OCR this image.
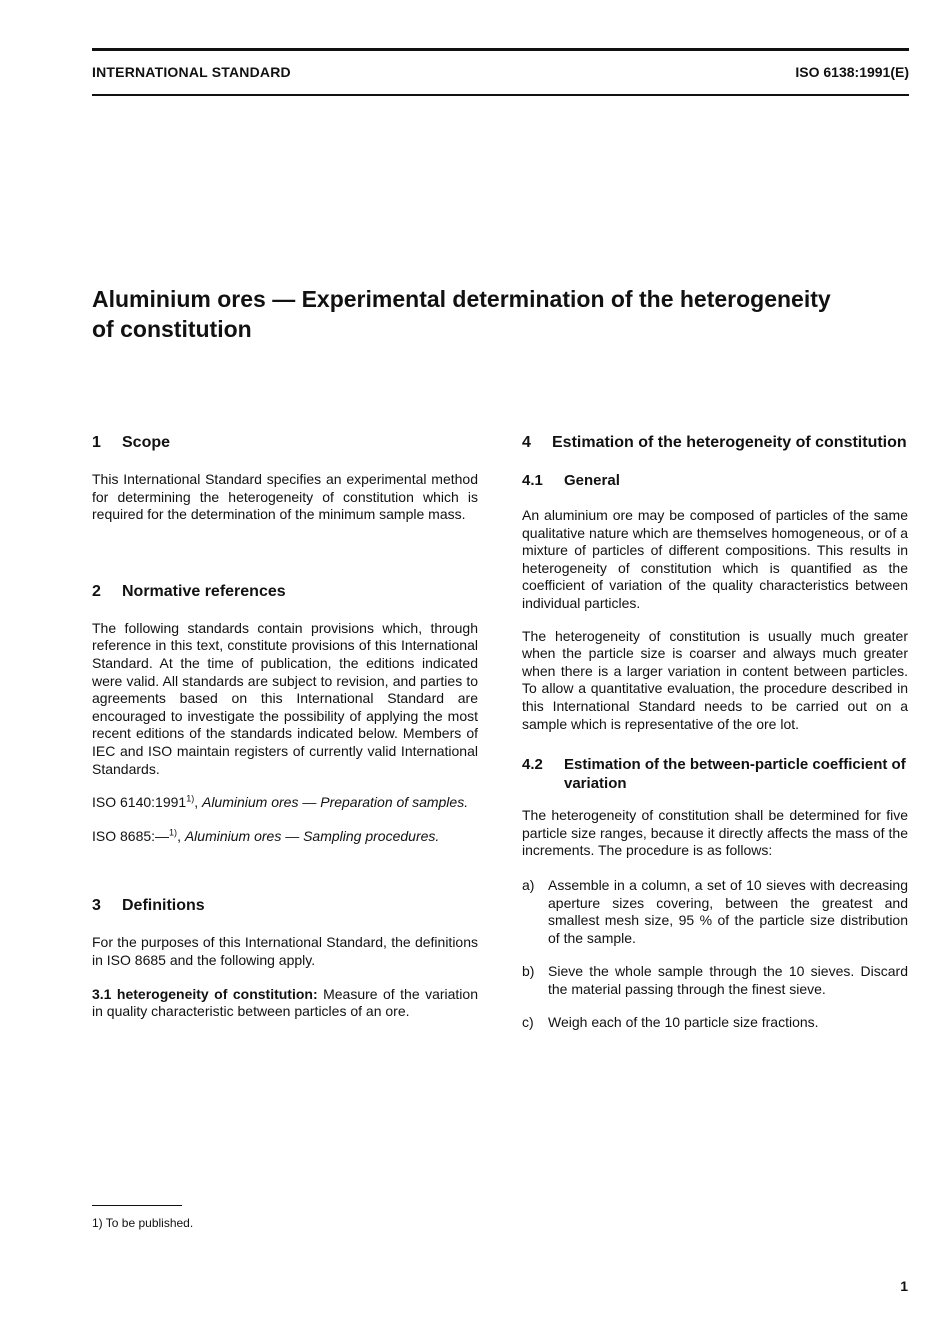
INTERNATIONAL STANDARD	ISO 6138:1991(E)
Aluminium ores — Experimental determination of the heterogeneity of constitution
1	Scope

This International Standard specifies an experimental method for determining the heterogeneity of constitution which is required for the determination of the minimum sample mass.

2	Normative references

The following standards contain provisions which, through reference in this text, constitute provisions of this International Standard. At the time of publication, the editions indicated were valid. All standards are subject to revision, and parties to agreements based on this International Standard are encouraged to investigate the possibility of applying the most recent editions of the standards indicated below. Members of IEC and ISO maintain registers of currently valid International Standards.

ISO 6140:1991$^{1)}$, Aluminium ores — Preparation of samples.

ISO 8685:—$^{1)}$, Aluminium ores — Sampling procedures.

3	Definitions

For the purposes of this International Standard, the definitions in ISO 8685 and the following apply.

3.1 heterogeneity of constitution: Measure of the variation in quality characteristic between particles of an ore.

4	Estimation of the heterogeneity of constitution
4.1	General

An aluminium ore may be composed of particles of the same qualitative nature which are themselves homogeneous, or of a mixture of particles of different compositions. This results in heterogeneity of constitution which is quantified as the coefficient of variation of the quality characteristics between individual particles.

The heterogeneity of constitution is usually much greater when the particle size is coarser and always much greater when there is a larger variation in content between particles. To allow a quantitative evaluation, the procedure described in this International Standard needs to be carried out on a sample which is representative of the ore lot.

4.2	Estimation of the between-particle coefficient of variation

The heterogeneity of constitution shall be determined for five particle size ranges, because it directly affects the mass of the increments. The procedure is as follows:

a) Assemble in a column, a set of 10 sieves with decreasing aperture sizes covering, between the greatest and smallest mesh size, 95 % of the particle size distribution of the sample.
b) Sieve the whole sample through the 10 sieves. Discard the material passing through the finest sieve.
c)	Weigh each of the 10 particle size fractions.
1) To be published.
1
